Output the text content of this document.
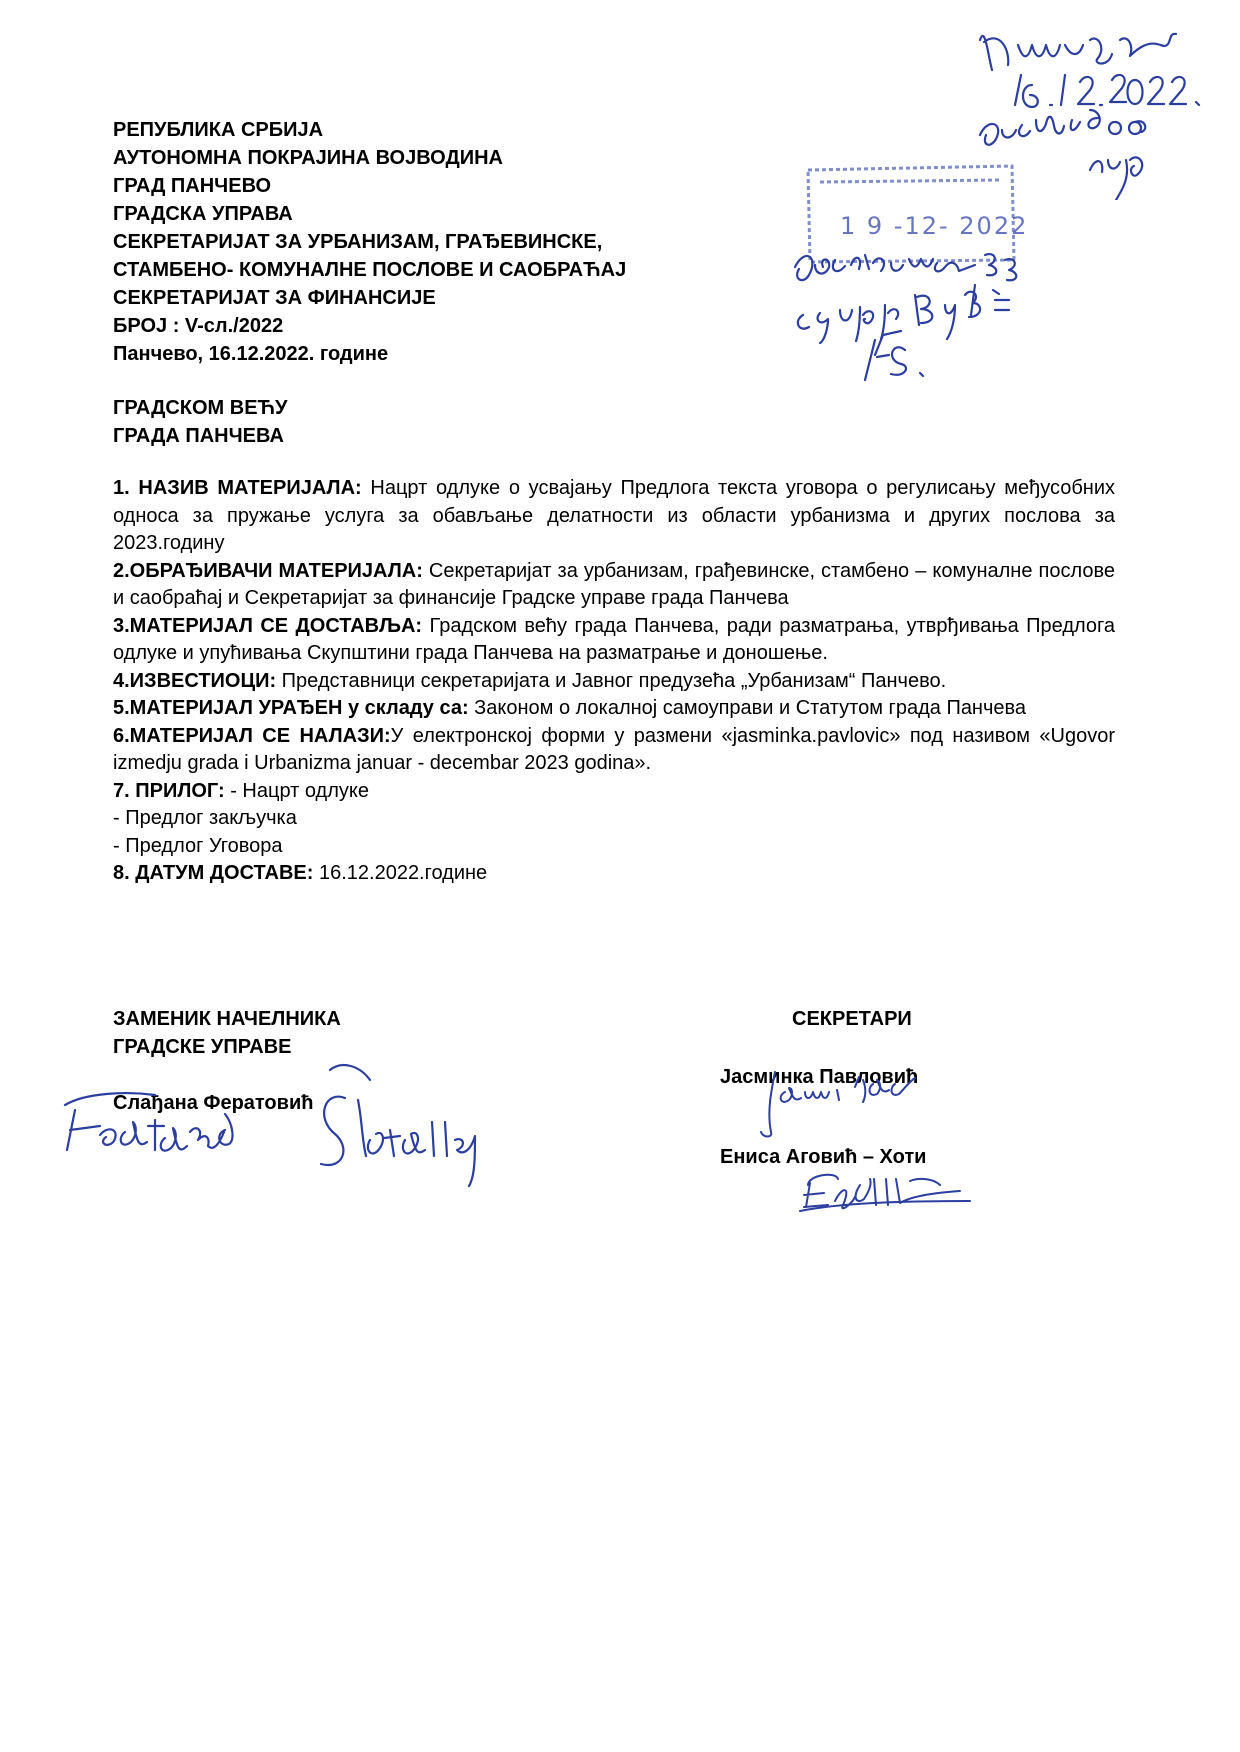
1 9 -12- 2022
РЕПУБЛИКА СРБИЈА
АУТОНОМНА ПОКРАЈИНА ВОЈВОДИНА
ГРАД ПАНЧЕВО
ГРАДСКА УПРАВА
СЕКРЕТАРИЈАТ ЗА УРБАНИЗАМ, ГРАЂЕВИНСКЕ,
СТАМБЕНО- КОМУНАЛНЕ ПОСЛОВЕ И САОБРАЋАЈ
СЕКРЕТАРИЈАТ ЗА ФИНАНСИЈЕ
БРОЈ : V-сл./2022
Панчево, 16.12.2022. године
ГРАДСКОМ ВЕЋУ
ГРАДА ПАНЧЕВА
1. НАЗИВ МАТЕРИЈАЛА: Нацрт одлуке о усвајању Предлога текста уговора о регулисању међусобних односа за пружање услуга за обављање делатности из области урбанизма и других послова за 2023.годину
2.ОБРАЂИВАЧИ МАТЕРИЈАЛА: Секретаријат за урбанизам, грађевинске, стамбено – комуналне послове и саобраћај и Секретаријат за финансије Градске управе града Панчева
3.МАТЕРИЈАЛ СЕ ДОСТАВЉА: Градском већу града Панчева, ради разматрања, утврђивања Предлога одлуке и упућивања Скупштини града Панчева на разматрање и доношење.
4.ИЗВЕСТИОЦИ: Представници секретаријата и Јавног предузећа „Урбанизам“ Панчево.
5.МАТЕРИЈАЛ УРАЂЕН у складу са: Законом о локалној самоуправи и Статутом града Панчева
6.МАТЕРИЈАЛ СЕ НАЛАЗИ:У електронској форми у размени «jasminka.pavlovic» под називом «Ugovor izmedju grada i Urbanizma januar - decembar 2023 godina».
7. ПРИЛОГ: - Нацрт одлуке
- Предлог закључка
- Предлог Уговора
8. ДАТУМ ДОСТАВЕ: 16.12.2022.године
ЗАМЕНИК НАЧЕЛНИКА
ГРАДСКЕ УПРАВЕ
Слађана Фератовић
СЕКРЕТАРИ
Јасминка Павловић
Ениса Аговић – Хоти
